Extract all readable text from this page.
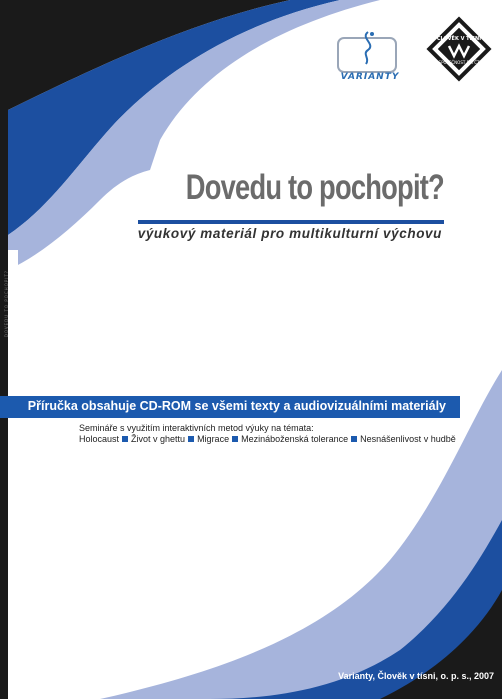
DOVEDU TO POCHOPIT?
VARIANTY
ČLOVĚK V TÍSNI
SPOLEČNOST PŘI ČT
Dovedu to pochopit?
výukový materiál pro multikulturní výchovu
Příručka obsahuje CD-ROM se všemi texty a audiovizuálními materiály
Semináře s využitím interaktivních metod výuky na témata:
Holocaust Život v ghettu Migrace Mezináboženská tolerance Nesnášenlivost v hudbě
Varianty, Člověk v tísni, o. p. s., 2007
